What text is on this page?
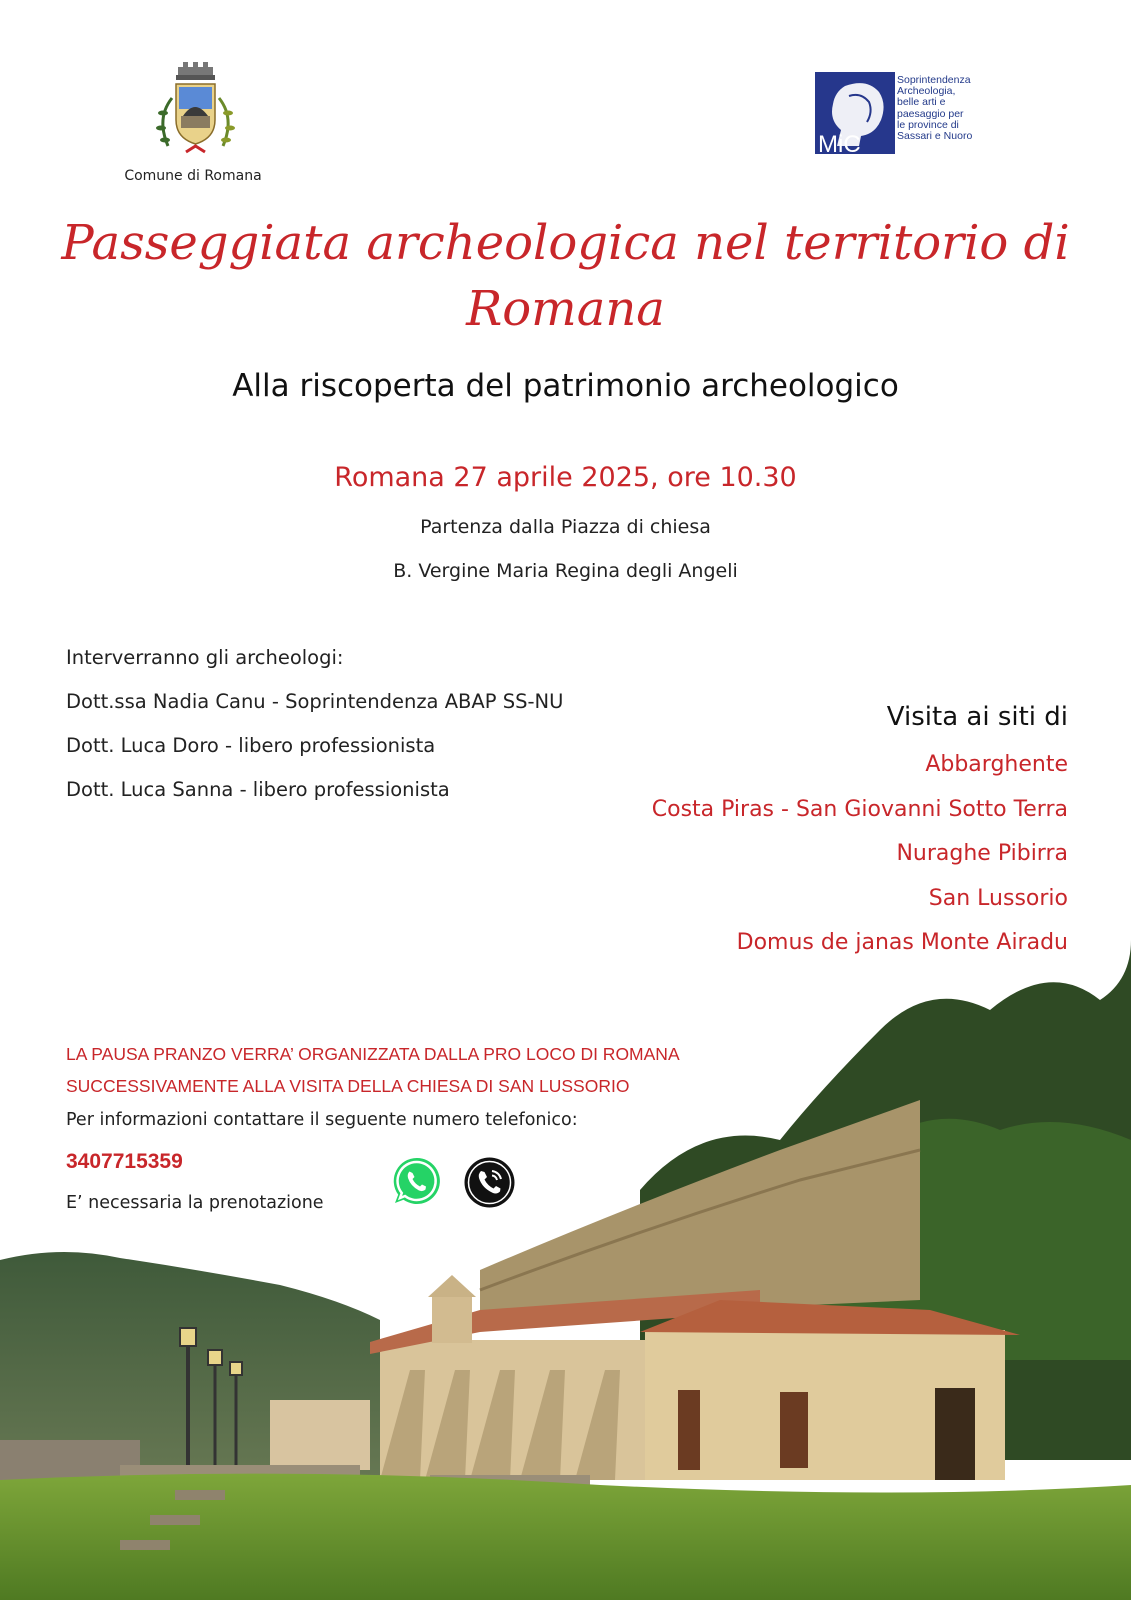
Comune di Romana
MiC
Soprintendenza
Archeologia,
belle arti e
paesaggio per
le province di
Sassari e Nuoro
Passeggiata archeologica nel territorio di
Romana
Alla riscoperta del patrimonio archeologico
Romana 27 aprile 2025, ore 10.30
Partenza dalla Piazza di chiesa
B. Vergine Maria Regina degli Angeli
Interverranno gli archeologi:
Dott.ssa Nadia Canu - Soprintendenza ABAP SS-NU
Dott. Luca Doro - libero professionista
Dott. Luca Sanna - libero professionista
Visita ai siti di
Abbarghente
Costa Piras - San Giovanni Sotto Terra
Nuraghe Pibirra
San Lussorio
Domus de janas Monte Airadu
LA PAUSA PRANZO VERRA’ ORGANIZZATA DALLA PRO LOCO DI ROMANA
SUCCESSIVAMENTE ALLA VISITA DELLA CHIESA DI SAN LUSSORIO
Per informazioni contattare il seguente numero telefonico:
3407715359
E’ necessaria la prenotazione
